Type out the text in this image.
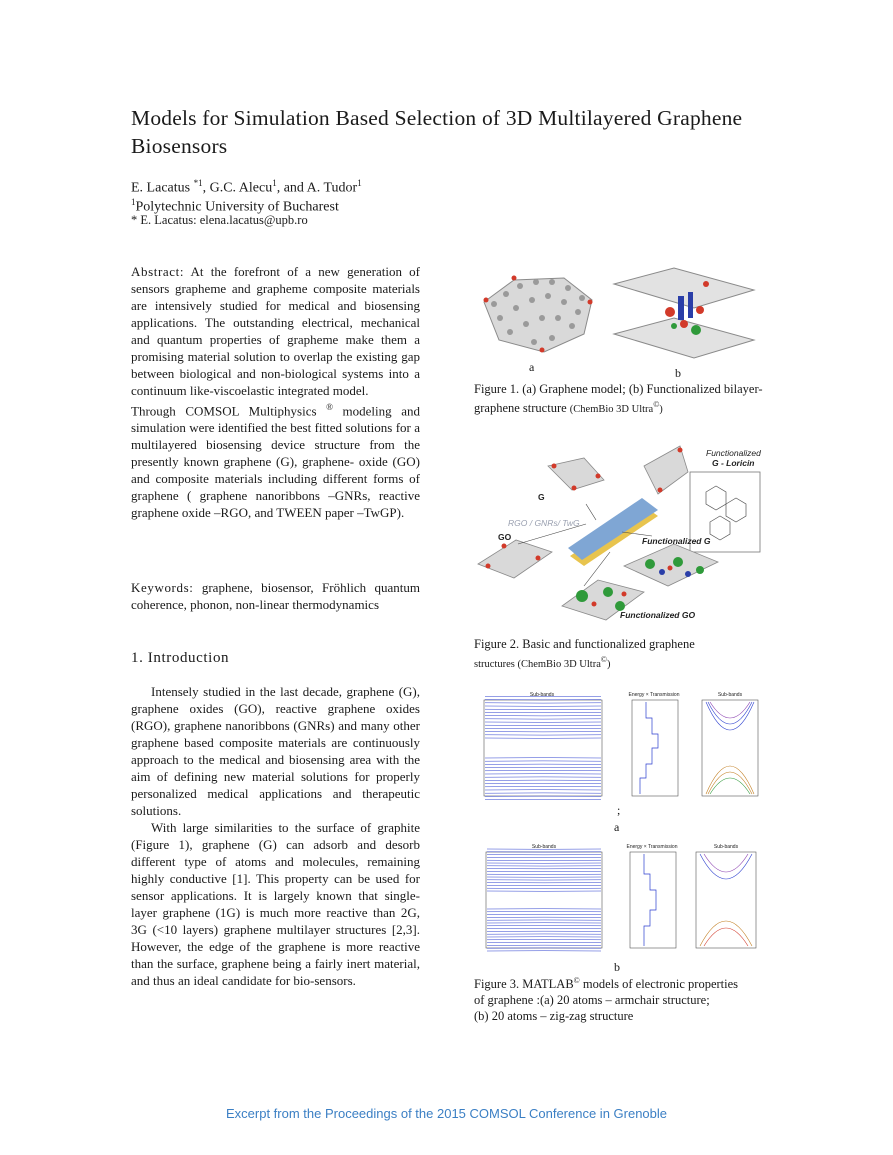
Models for Simulation Based Selection of 3D Multilayered Graphene Biosensors
E. Lacatus $^{*1}$, G.C. Alecu$^1$, and A. Tudor$^1$
$^1$Polytechnic University of Bucharest
* E. Lacatus: elena.lacatus@upb.ro

Abstract: At the forefront of a new generation of sensors grapheme and grapheme composite materials are intensively studied for medical and biosensing applications. The outstanding electrical, mechanical and quantum properties of grapheme make them a promising material solution to overlap the existing gap between biological and non-biological systems into a continuum like-viscoelastic integrated model.

Through COMSOL Multiphysics ® modeling and simulation were identified the best fitted solutions for a multilayered biosensing device structure from the presently known graphene (G), graphene- oxide (GO) and composite materials including different forms of graphene ( graphene nanoribbons –GNRs, reactive graphene oxide –RGO, and TWEEN paper –TwGP).

Keywords: graphene, biosensor, Fröhlich quantum coherence, phonon, non-linear thermodynamics

1. Introduction

Intensely studied in the last decade, graphene (G), graphene oxides (GO), reactive graphene oxides (RGO), graphene nanoribbons (GNRs) and many other graphene based composite materials are continuously approach to the medical and biosensing area with the aim of defining new material solutions for properly personalized medical applications and therapeutic solutions.

With large similarities to the surface of graphite (Figure 1), graphene (G) can adsorb and desorb different type of atoms and molecules, remaining highly conductive [1]. This property can be used for sensor applications. It is largely known that single- layer graphene (1G) is much more reactive than 2G, 3G (<10 layers) graphene multilayer structures [2,3]. However, the edge of the graphene is more reactive than the surface, graphene being a fairly inert material, and thus an ideal candidate for bio-sensors.

a	b
Figure 1. (a) Graphene model; (b) Functionalized bilayer-graphene structure (ChemBio 3D Ultra©)
Functionalized
G - Loricin
G
RGO / GNRs/ TwG
GO	Functionalized G
Functionalized GO
Figure 2. Basic and functionalized graphene
structures (ChemBio 3D Ultra©)
Sub-bands	Energy × Transmission	Sub-bands
;
a
Sub-bands	Energy × Transmission	Sub-bands
b
Figure 3. MATLAB© models of electronic properties
of graphene :(a) 20 atoms – armchair structure;
(b) 20 atoms – zig-zag structure
Excerpt from the Proceedings of the 2015 COMSOL Conference in Grenoble
